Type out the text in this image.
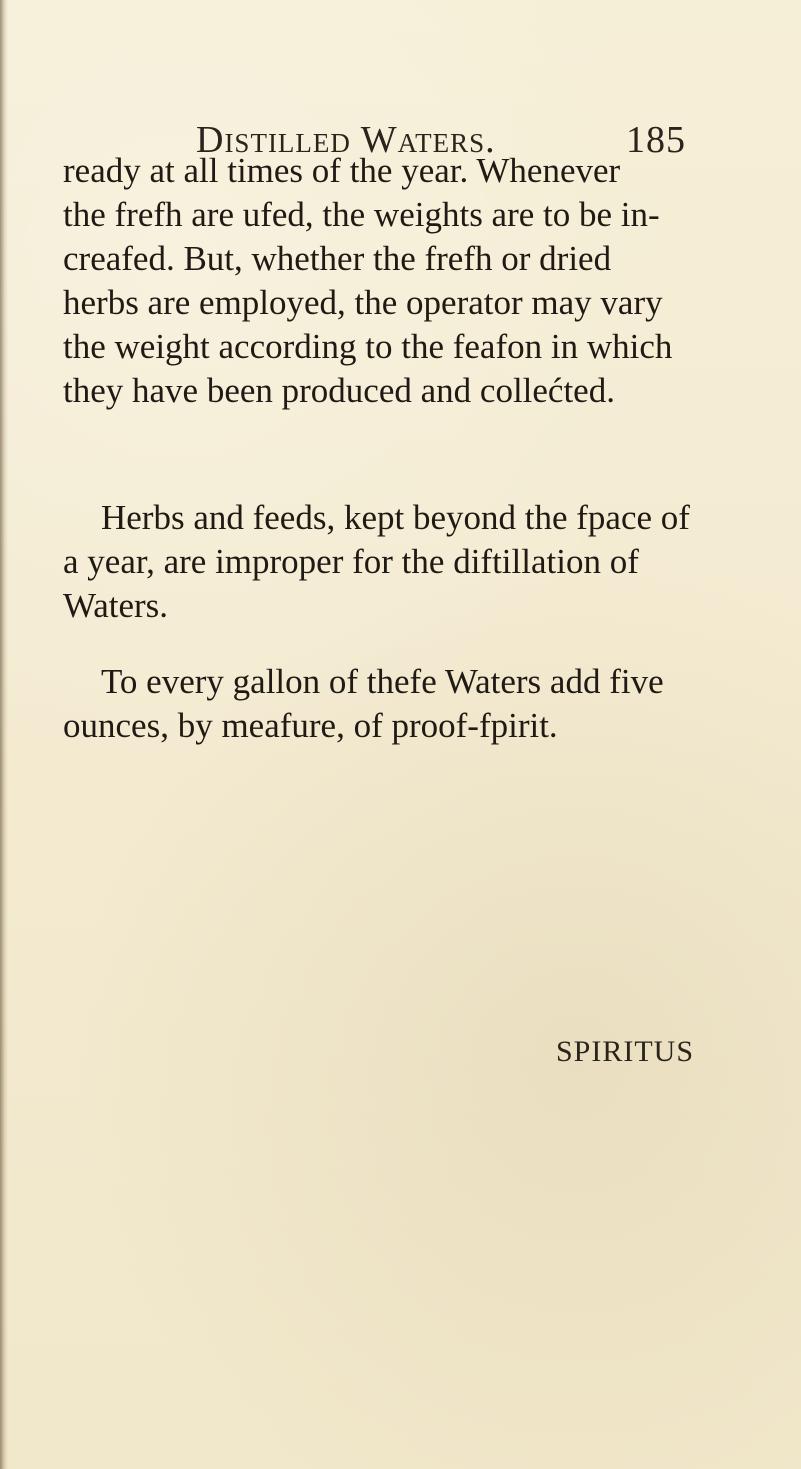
Distilled Waters.	185
ready at all times of the year. Whenever
the frefh are ufed, the weights are to be in-
creafed. But, whether the frefh or dried
herbs are employed, the operator may vary
the weight according to the feafon in which
they have been produced and collećted.
Herbs and feeds, kept beyond the fpace of
a year, are improper for the diftillation of
Waters.
To every gallon of thefe Waters add five
ounces, by meafure, of proof-fpirit.
SPIRITUS
